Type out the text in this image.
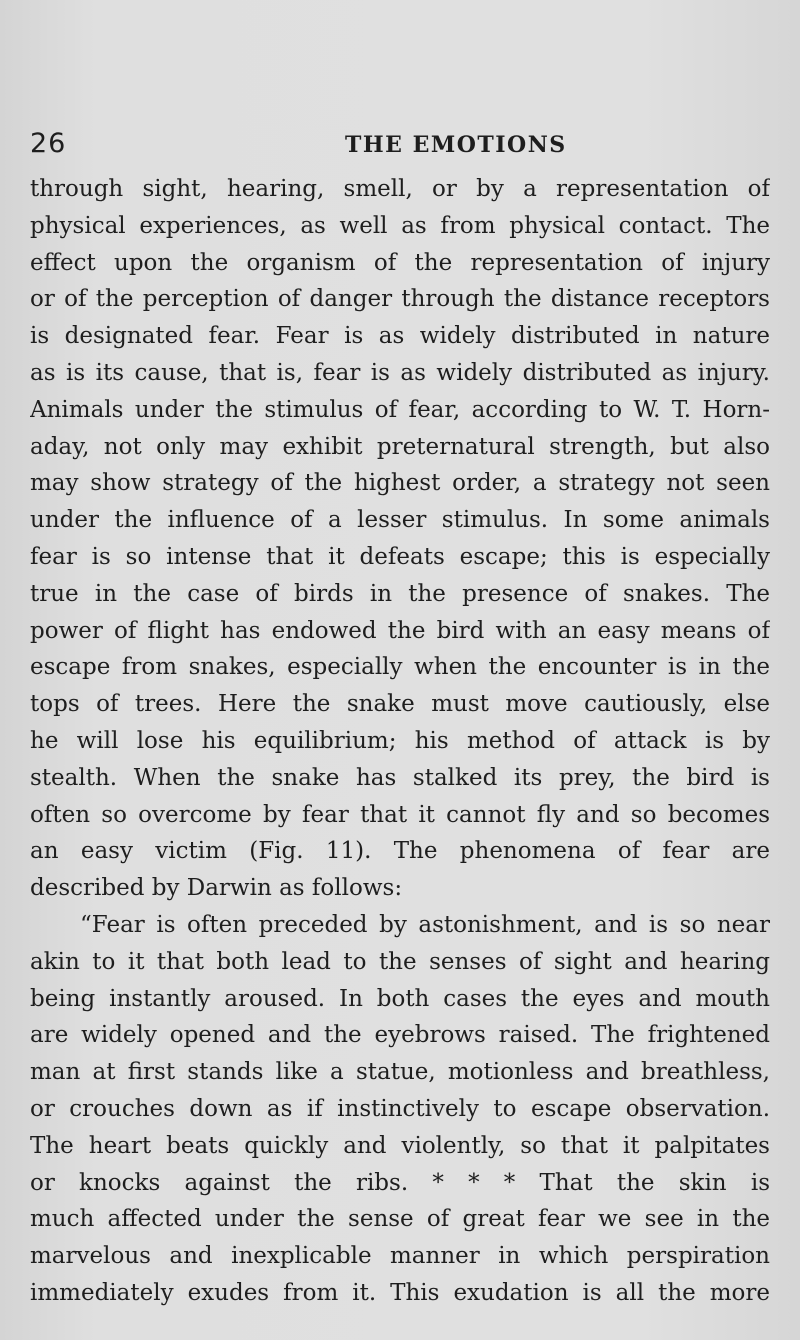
26	THE EMOTIONS
through sight, hearing, smell, or by a representation of
physical experiences, as well as from physical contact. The
effect upon the organism of the representation of injury
or of the perception of danger through the distance receptors
is designated fear. Fear is as widely distributed in nature
as is its cause, that is, fear is as widely distributed as injury.
Animals under the stimulus of fear, according to W. T. Horn-
aday, not only may exhibit preternatural strength, but also
may show strategy of the highest order, a strategy not seen
under the influence of a lesser stimulus. In some animals
fear is so intense that it defeats escape; this is especially
true in the case of birds in the presence of snakes. The
power of flight has endowed the bird with an easy means of
escape from snakes, especially when the encounter is in the
tops of trees. Here the snake must move cautiously, else
he will lose his equilibrium; his method of attack is by
stealth. When the snake has stalked its prey, the bird is
often so overcome by fear that it cannot fly and so becomes
an easy victim (Fig. 11). The phenomena of fear are
described by Darwin as follows:
“Fear is often preceded by astonishment, and is so near
akin to it that both lead to the senses of sight and hearing
being instantly aroused. In both cases the eyes and mouth
are widely opened and the eyebrows raised. The frightened
man at first stands like a statue, motionless and breathless,
or crouches down as if instinctively to escape observation.
The heart beats quickly and violently, so that it palpitates
or knocks against the ribs. * * * That the skin is
much affected under the sense of great fear we see in the
marvelous and inexplicable manner in which perspiration
immediately exudes from it. This exudation is all the more
